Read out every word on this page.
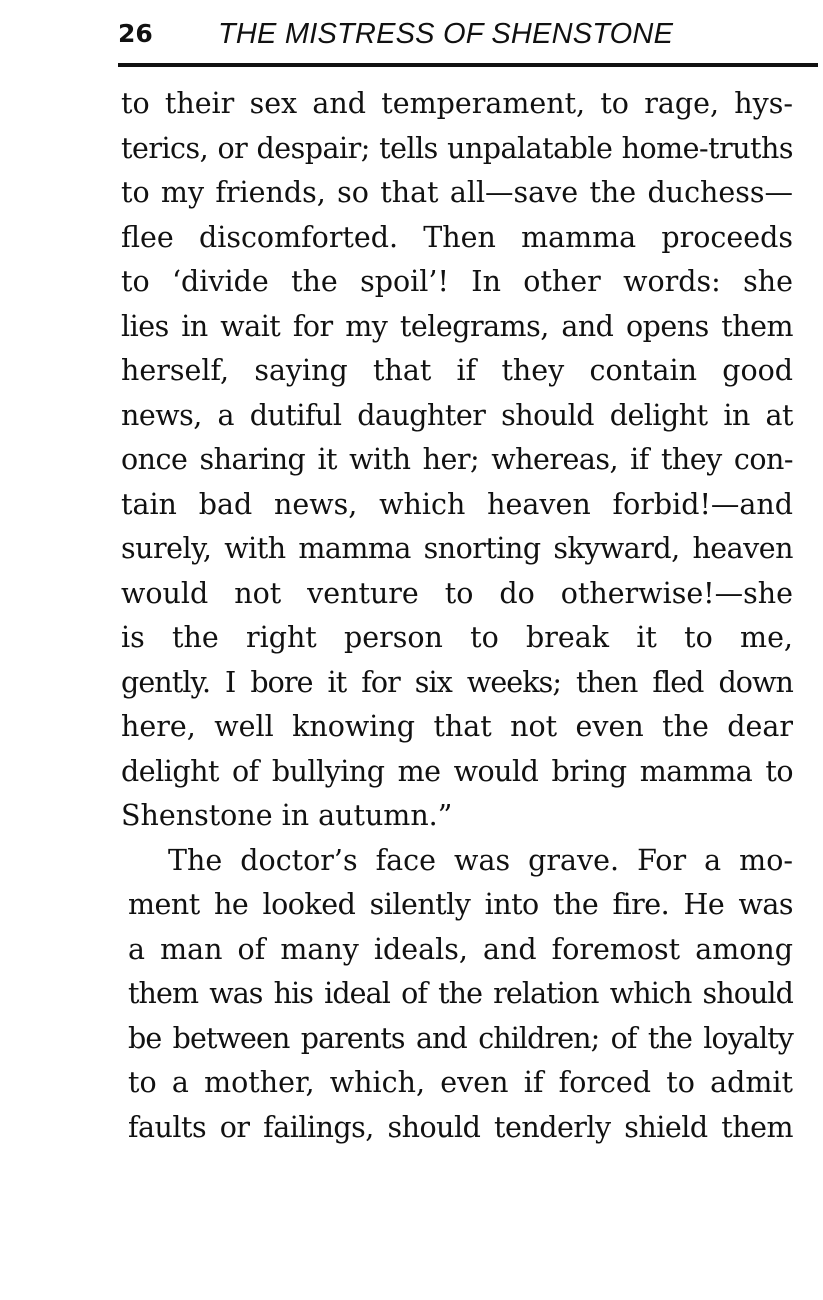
26 THE MISTRESS OF SHENSTONE
to their sex and temperament, to rage, hys-
terics, or despair; tells unpalatable home-truths
to my friends, so that all—save the duchess—
flee discomforted. Then mamma proceeds
to ‘divide the spoil’! In other words: she
lies in wait for my telegrams, and opens them
herself, saying that if they contain good
news, a dutiful daughter should delight in at
once sharing it with her; whereas, if they con-
tain bad news, which heaven forbid!—and
surely, with mamma snorting skyward, heaven
would not venture to do otherwise!—she
is the right person to break it to me,
gently. I bore it for six weeks; then fled down
here, well knowing that not even the dear
delight of bullying me would bring mamma to
Shenstone in autumn.”
The doctor’s face was grave. For a mo-
ment he looked silently into the fire. He was
a man of many ideals, and foremost among
them was his ideal of the relation which should
be between parents and children; of the loyalty
to a mother, which, even if forced to admit
faults or failings, should tenderly shield them
